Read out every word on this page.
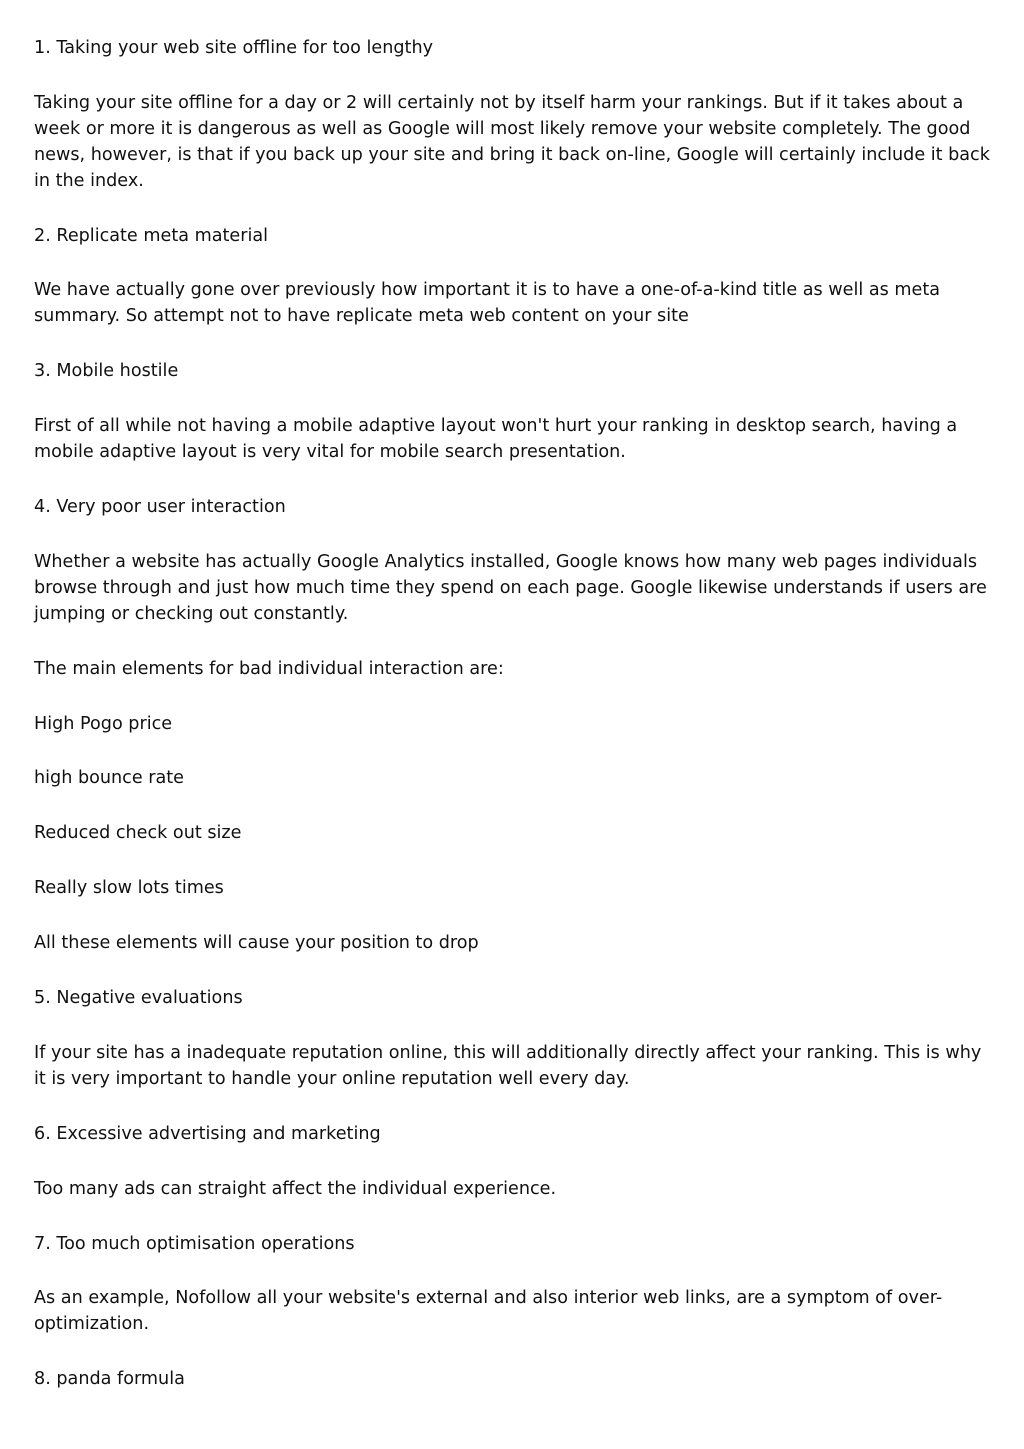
1. Taking your web site offline for too lengthy

Taking your site offline for a day or 2 will certainly not by itself harm your rankings. But if it takes about a week or more it is dangerous as well as Google will most likely remove your website completely. The good news, however, is that if you back up your site and bring it back on-line, Google will certainly include it back in the index.

2. Replicate meta material

We have actually gone over previously how important it is to have a one-of-a-kind title as well as meta summary. So attempt not to have replicate meta web content on your site

3. Mobile hostile

First of all while not having a mobile adaptive layout won't hurt your ranking in desktop search, having a mobile adaptive layout is very vital for mobile search presentation.

4. Very poor user interaction

Whether a website has actually Google Analytics installed, Google knows how many web pages individuals browse through and just how much time they spend on each page. Google likewise understands if users are jumping or checking out constantly.

The main elements for bad individual interaction are:

High Pogo price

high bounce rate

Reduced check out size

Really slow lots times

All these elements will cause your position to drop

5. Negative evaluations

If your site has a inadequate reputation online, this will additionally directly affect your ranking. This is why it is very important to handle your online reputation well every day.

6. Excessive advertising and marketing

Too many ads can straight affect the individual experience.

7. Too much optimisation operations

As an example, Nofollow all your website's external and also interior web links, are a symptom of over-optimization.

8. panda formula
